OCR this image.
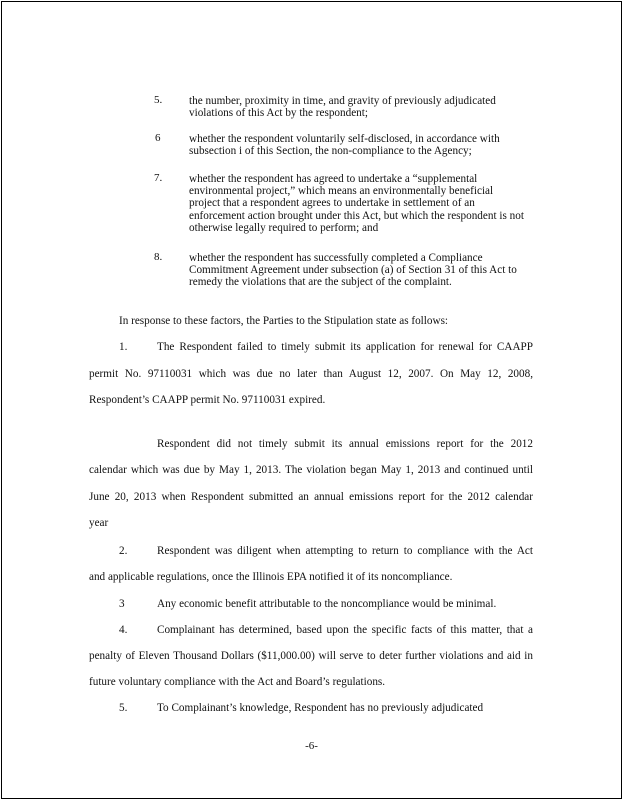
5. the number, proximity in time, and gravity of previously adjudicated
violations of this Act by the respondent;
6	whether the respondent voluntarily self-disclosed, in accordance with
subsection i of this Section, the non-compliance to the Agency;
7. whether the respondent has agreed to undertake a “supplemental
environmental project,” which means an environmentally beneficial
project that a respondent agrees to undertake in settlement of an
enforcement action brought under this Act, but which the respondent is not
otherwise legally required to perform; and
8. whether the respondent has successfully completed a Compliance
Commitment Agreement under subsection (a) of Section 31 of this Act to
remedy the violations that are the subject of the complaint.
In response to these factors, the Parties to the Stipulation state as follows:
1.	The Respondent failed to timely submit its application for renewal for CAAPP
permit No. 97110031 which was due no later than August 12, 2007. On May 12, 2008,
Respondent’s CAAPP permit No. 97110031 expired.
Respondent did not timely submit its annual emissions report for the 2012
calendar which was due by May 1, 2013. The violation began May 1, 2013 and continued until
June 20, 2013 when Respondent submitted an annual emissions report for the 2012 calendar
year
2.	Respondent was diligent when attempting to return to compliance with the Act
and applicable regulations, once the Illinois EPA notified it of its noncompliance.
3	Any economic benefit attributable to the noncompliance would be minimal.
4.	Complainant has determined, based upon the specific facts of this matter, that a
penalty of Eleven Thousand Dollars ($11,000.00) will serve to deter further violations and aid in
future voluntary compliance with the Act and Board’s regulations.
5.	To Complainant’s knowledge, Respondent has no previously adjudicated
-6-
